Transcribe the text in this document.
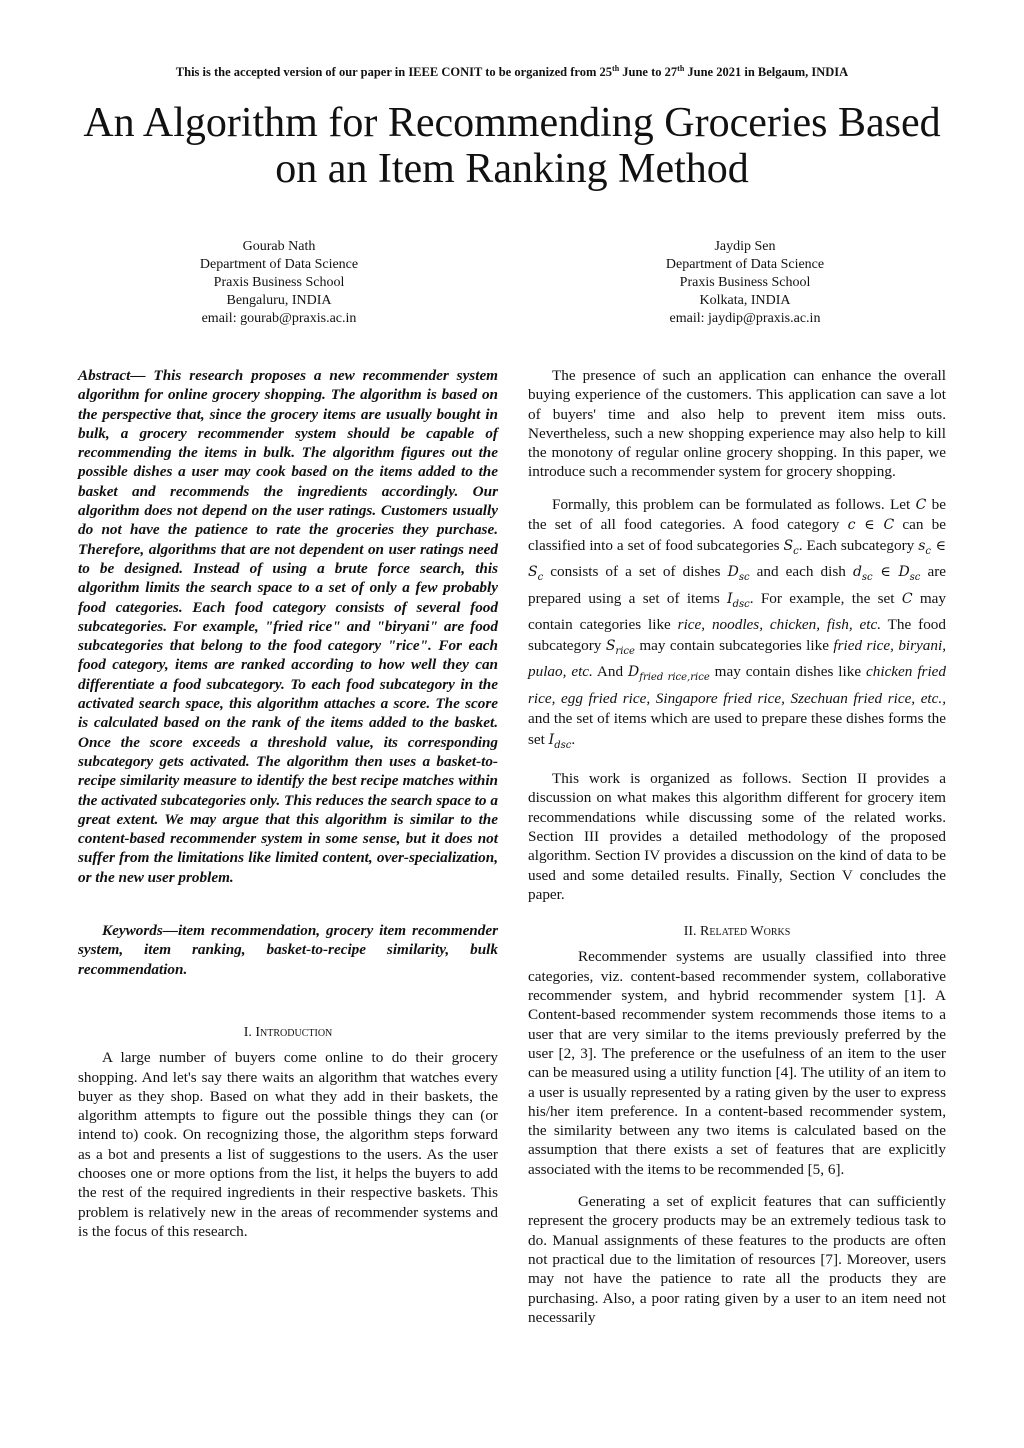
This is the accepted version of our paper in IEEE CONIT to be organized from 25th June to 27th June 2021 in Belgaum, INDIA
An Algorithm for Recommending Groceries Based
on an Item Ranking Method
Gourab Nath
Department of Data Science
Praxis Business School
Bengaluru, INDIA
email: gourab@praxis.ac.in
Jaydip Sen
Department of Data Science
Praxis Business School
Kolkata, INDIA
email: jaydip@praxis.ac.in

Abstract— This research proposes a new recommender system algorithm for online grocery shopping. The algorithm is based on the perspective that, since the grocery items are usually bought in bulk, a grocery recommender system should be capable of recommending the items in bulk. The algorithm figures out the possible dishes a user may cook based on the items added to the basket and recommends the ingredients accordingly. Our algorithm does not depend on the user ratings. Customers usually do not have the patience to rate the groceries they purchase. Therefore, algorithms that are not dependent on user ratings need to be designed. Instead of using a brute force search, this algorithm limits the search space to a set of only a few probably food categories. Each food category consists of several food subcategories. For example, "fried rice" and "biryani" are food subcategories that belong to the food category "rice". For each food category, items are ranked according to how well they can differentiate a food subcategory. To each food subcategory in the activated search space, this algorithm attaches a score. The score is calculated based on the rank of the items added to the basket. Once the score exceeds a threshold value, its corresponding subcategory gets activated. The algorithm then uses a basket-to-recipe similarity measure to identify the best recipe matches within the activated subcategories only. This reduces the search space to a great extent. We may argue that this algorithm is similar to the content-based recommender system in some sense, but it does not suffer from the limitations like limited content, over-specialization, or the new user problem.

Keywords—item recommendation, grocery item recommender system, item ranking, basket-to-recipe similarity, bulk recommendation.

I. Introduction

A large number of buyers come online to do their grocery shopping. And let's say there waits an algorithm that watches every buyer as they shop. Based on what they add in their baskets, the algorithm attempts to figure out the possible things they can (or intend to) cook. On recognizing those, the algorithm steps forward as a bot and presents a list of suggestions to the users. As the user chooses one or more options from the list, it helps the buyers to add the rest of the required ingredients in their respective baskets. This problem is relatively new in the areas of recommender systems and is the focus of this research.

The presence of such an application can enhance the overall buying experience of the customers. This application can save a lot of buyers' time and also help to prevent item miss outs. Nevertheless, such a new shopping experience may also help to kill the monotony of regular online grocery shopping. In this paper, we introduce such a recommender system for grocery shopping.

Formally, this problem can be formulated as follows. Let C be the set of all food categories. A food category c ∈ C can be classified into a set of food subcategories $S_c$. Each subcategory $s_c$ ∈ $S_c$ consists of a set of dishes $D_{sc}$ and each dish $d_{sc}$ ∈ $D_{sc}$ are prepared using a set of items $I_{dsc}$. For example, the set C may contain categories like rice, noodles, chicken, fish, etc. The food subcategory $S_{rice}$ may contain subcategories like fried rice, biryani, pulao, etc. And $D_{fried rice,rice}$ may contain dishes like chicken fried rice, egg fried rice, Singapore fried rice, Szechuan fried rice, etc., and the set of items which are used to prepare these dishes forms the set $I_{dsc}$.

This work is organized as follows. Section II provides a discussion on what makes this algorithm different for grocery item recommendations while discussing some of the related works. Section III provides a detailed methodology of the proposed algorithm. Section IV provides a discussion on the kind of data to be used and some detailed results. Finally, Section V concludes the paper.

II. Related Works

Recommender systems are usually classified into three categories, viz. content-based recommender system, collaborative recommender system, and hybrid recommender system [1]. A Content-based recommender system recommends those items to a user that are very similar to the items previously preferred by the user [2, 3]. The preference or the usefulness of an item to the user can be measured using a utility function [4]. The utility of an item to a user is usually represented by a rating given by the user to express his/her item preference. In a content-based recommender system, the similarity between any two items is calculated based on the assumption that there exists a set of features that are explicitly associated with the items to be recommended [5, 6].

Generating a set of explicit features that can sufficiently represent the grocery products may be an extremely tedious task to do. Manual assignments of these features to the products are often not practical due to the limitation of resources [7]. Moreover, users may not have the patience to rate all the products they are purchasing. Also, a poor rating given by a user to an item need not necessarily
